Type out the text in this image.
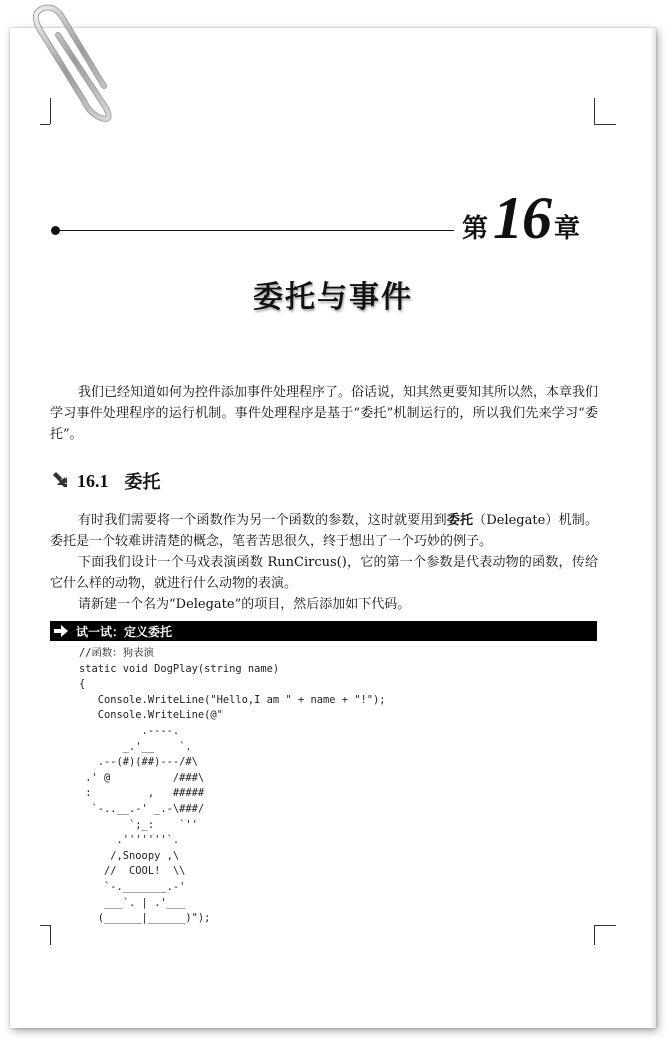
第 16 章
委托与事件

我们已经知道如何为控件添加事件处理程序了。俗话说，知其然更要知其所以然，本章我们学习事件处理程序的运行机制。事件处理程序是基于“委托”机制运行的，所以我们先来学习“委托”。

16.1 委托

有时我们需要将一个函数作为另一个函数的参数，这时就要用到委托（Delegate）机制。委托是一个较难讲清楚的概念，笔者苦思很久，终于想出了一个巧妙的例子。

下面我们设计一个马戏表演函数 RunCircus()，它的第一个参数是代表动物的函数，传给它什么样的动物，就进行什么动物的表演。

请新建一个名为“Delegate”的项目，然后添加如下代码。

试一试：定义委托
//函数：狗表演
static void DogPlay(string name)
{
Console.WriteLine("Hello,I am " + name + "!");
Console.WriteLine(@"
.----.
_.'__    `.
.--(#)(##)---/#\
.' @          /###\
:         ,   #####
`-..__.-' _.-\###/
`;_:    `''
.'''''''`.
/,Snoopy ,\
//  COOL!  \\
`-._______.-'
___`. | .'___
(______|______)");
